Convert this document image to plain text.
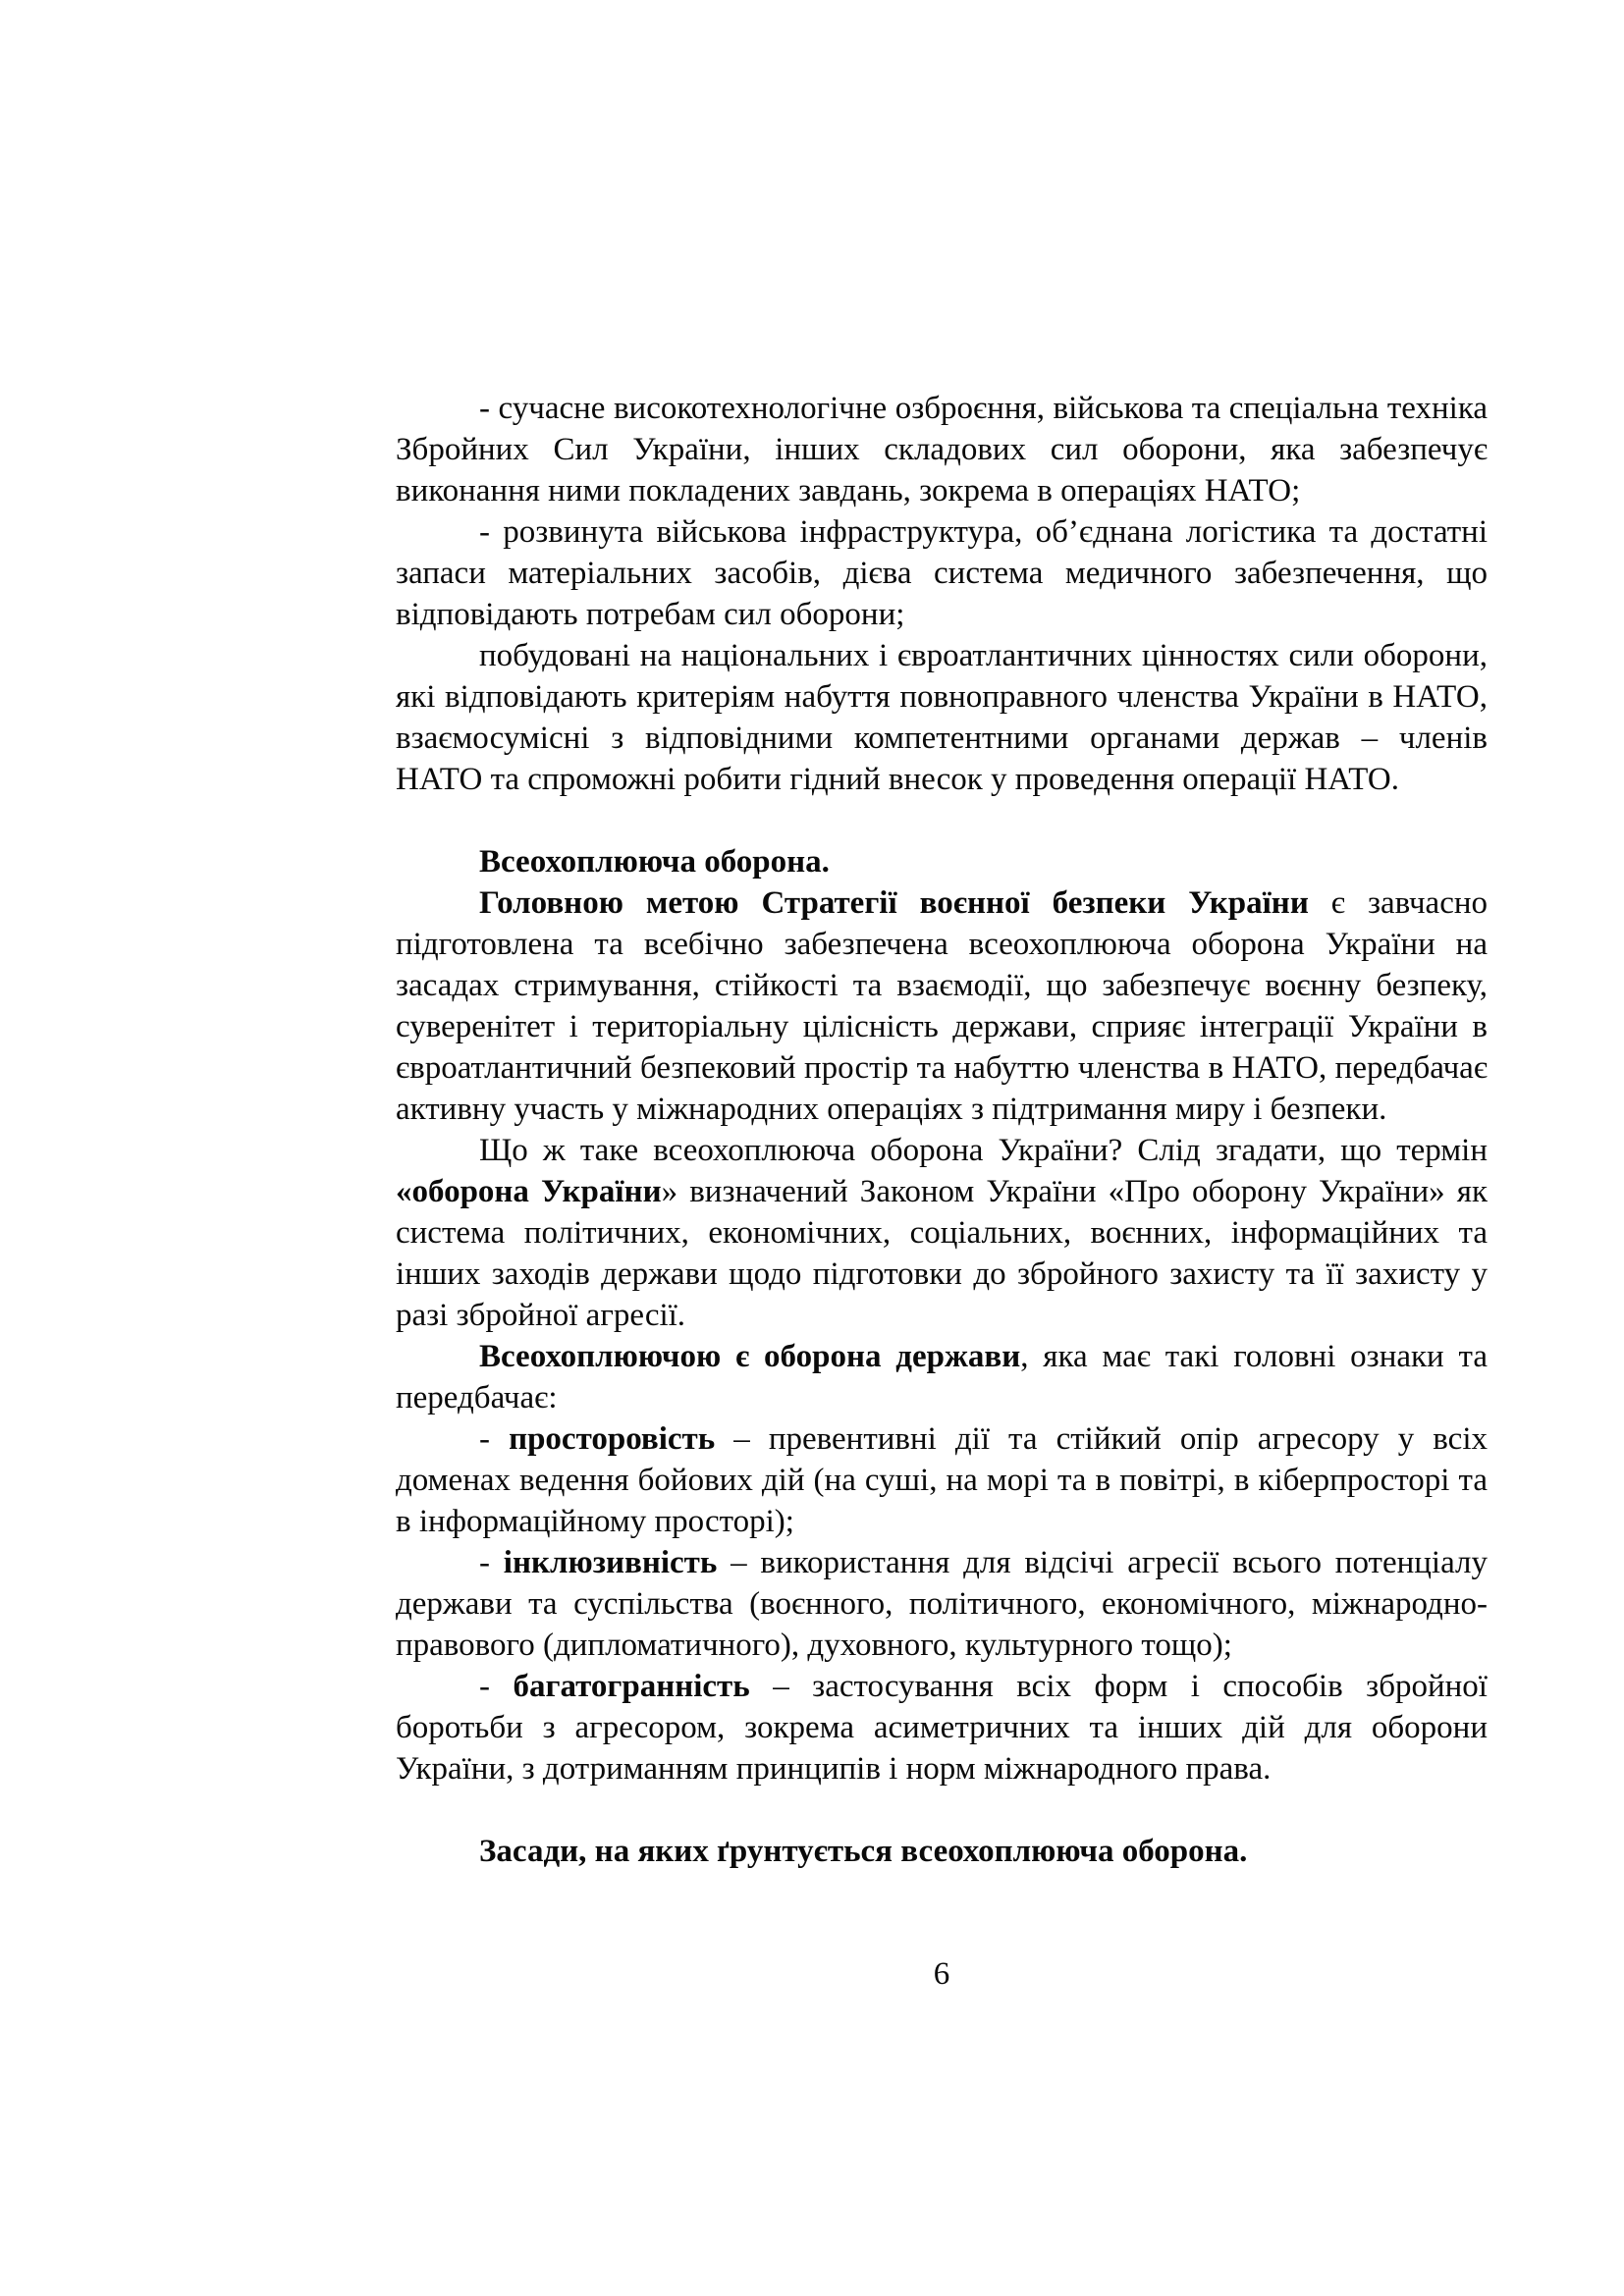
- сучасне високотехнологічне озброєння, військова та спеціальна техніка Збройних Сил України, інших складових сил оборони, яка забезпечує виконання ними покладених завдань, зокрема в операціях НАТО;

- розвинута військова інфраструктура, об’єднана логістика та достатні запаси матеріальних засобів, дієва система медичного забезпечення, що відповідають потребам сил оборони;

побудовані на національних і євроатлантичних цінностях сили оборони, які відповідають критеріям набуття повноправного членства України в НАТО, взаємосумісні з відповідними компетентними органами держав – членів НАТО та спроможні робити гідний внесок у проведення операції НАТО.

Всеохоплююча оборона.

Головною метою Стратегії воєнної безпеки України є завчасно підготовлена та всебічно забезпечена всеохоплююча оборона України на засадах стримування, стійкості та взаємодії, що забезпечує воєнну безпеку, суверенітет і територіальну цілісність держави, сприяє інтеграції України в євроатлантичний безпековий простір та набуттю членства в НАТО, передбачає активну участь у міжнародних операціях з підтримання миру і безпеки.

Що ж таке всеохоплююча оборона України? Слід згадати, що термін «оборона України» визначений Законом України «Про оборону України» як система політичних, економічних, соціальних, воєнних, інформаційних та інших заходів держави щодо підготовки до збройного захисту та її захисту у разі збройної агресії.

Всеохоплюючою є оборона держави, яка має такі головні ознаки та передбачає:

- просторовість – превентивні дії та стійкий опір агресору у всіх доменах ведення бойових дій (на суші, на морі та в повітрі, в кіберпросторі та в інформаційному просторі);

- інклюзивність – використання для відсічі агресії всього потенціалу держави та суспільства (воєнного, політичного, економічного, міжнародно-правового (дипломатичного), духовного, культурного тощо);

- багатогранність – застосування всіх форм і способів збройної боротьби з агресором, зокрема асиметричних та інших дій для оборони України, з дотриманням принципів і норм міжнародного права.

Засади, на яких ґрунтується всеохоплююча оборона.

6
